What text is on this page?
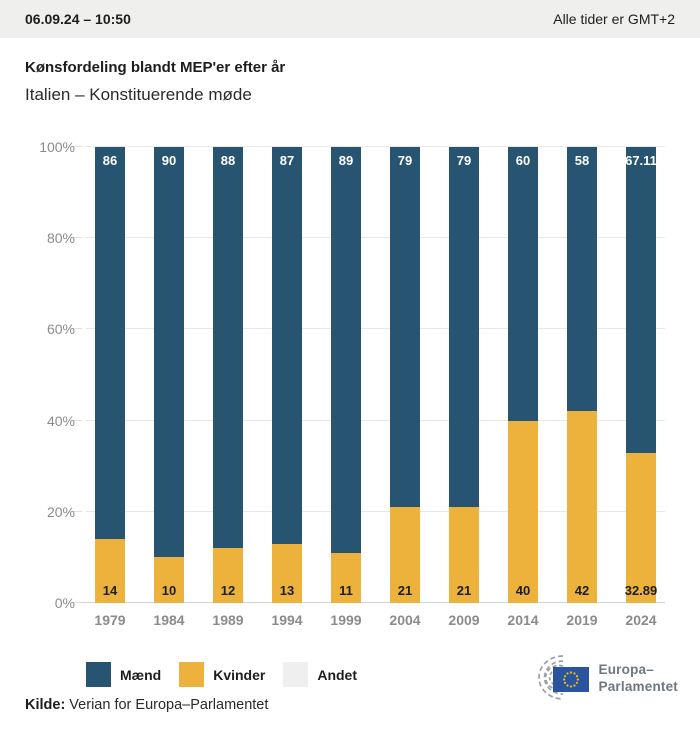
06.09.24 – 10:50	Alle tider er GMT+2
Kønsfordeling blandt MEP'er efter år
Italien – Konstituerende møde
0%
20%
40%
60%
80%
100%
86
14
1979
90
10
1984
88
12
1989
87
13
1994
89
11
1999
79
21
2004
79
21
2009
60
40
2014
58
42
2019
67.11
32.89
2024
Mænd	Kvinder	Andet
Kilde: Verian for Europa–Parlamentet
Europa–
Parlamentet
